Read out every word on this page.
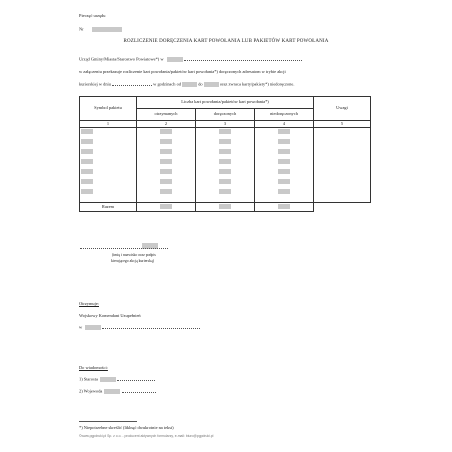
Pieczęć urzędu
Nr
ROZLICZENIE DORĘCZENIA KART POWOŁANIA LUB PAKIETÓW KART POWOŁANIA
Urząd Gminy/Miasta/Starostwo Powiatowe*) w
w załączeniu przekazuje rozliczenie kart powołania/pakietów kart powołania*) doręczonych adresatom w trybie akcji
kurierskiej w dniu	w godzinach od	do	oraz zwraca karty/pakiety*) niedoręczone.
Symbol pakietu	Liczba kart powołania/pakietów kart powołania*)			Uwagi
	otrzymanych	doręczonych	niedoręczonych	
1	2	3	4	5

Razem				
(imię i nazwisko oraz podpis
kierującego akcją kurierską)
Otrzymuje:
Wojskowy Komendant Uzupełnień
w
Do wiadomości:
1) Starosta
2) Wojewoda
*) Niepotrzebne skreślić (liklnąć dwukrotnie na tekst)
©www.pgpdruki.pl Sp. z o.o. - producent aktywnych formularzy, e-mail: biuro@pgpdruki.pl
